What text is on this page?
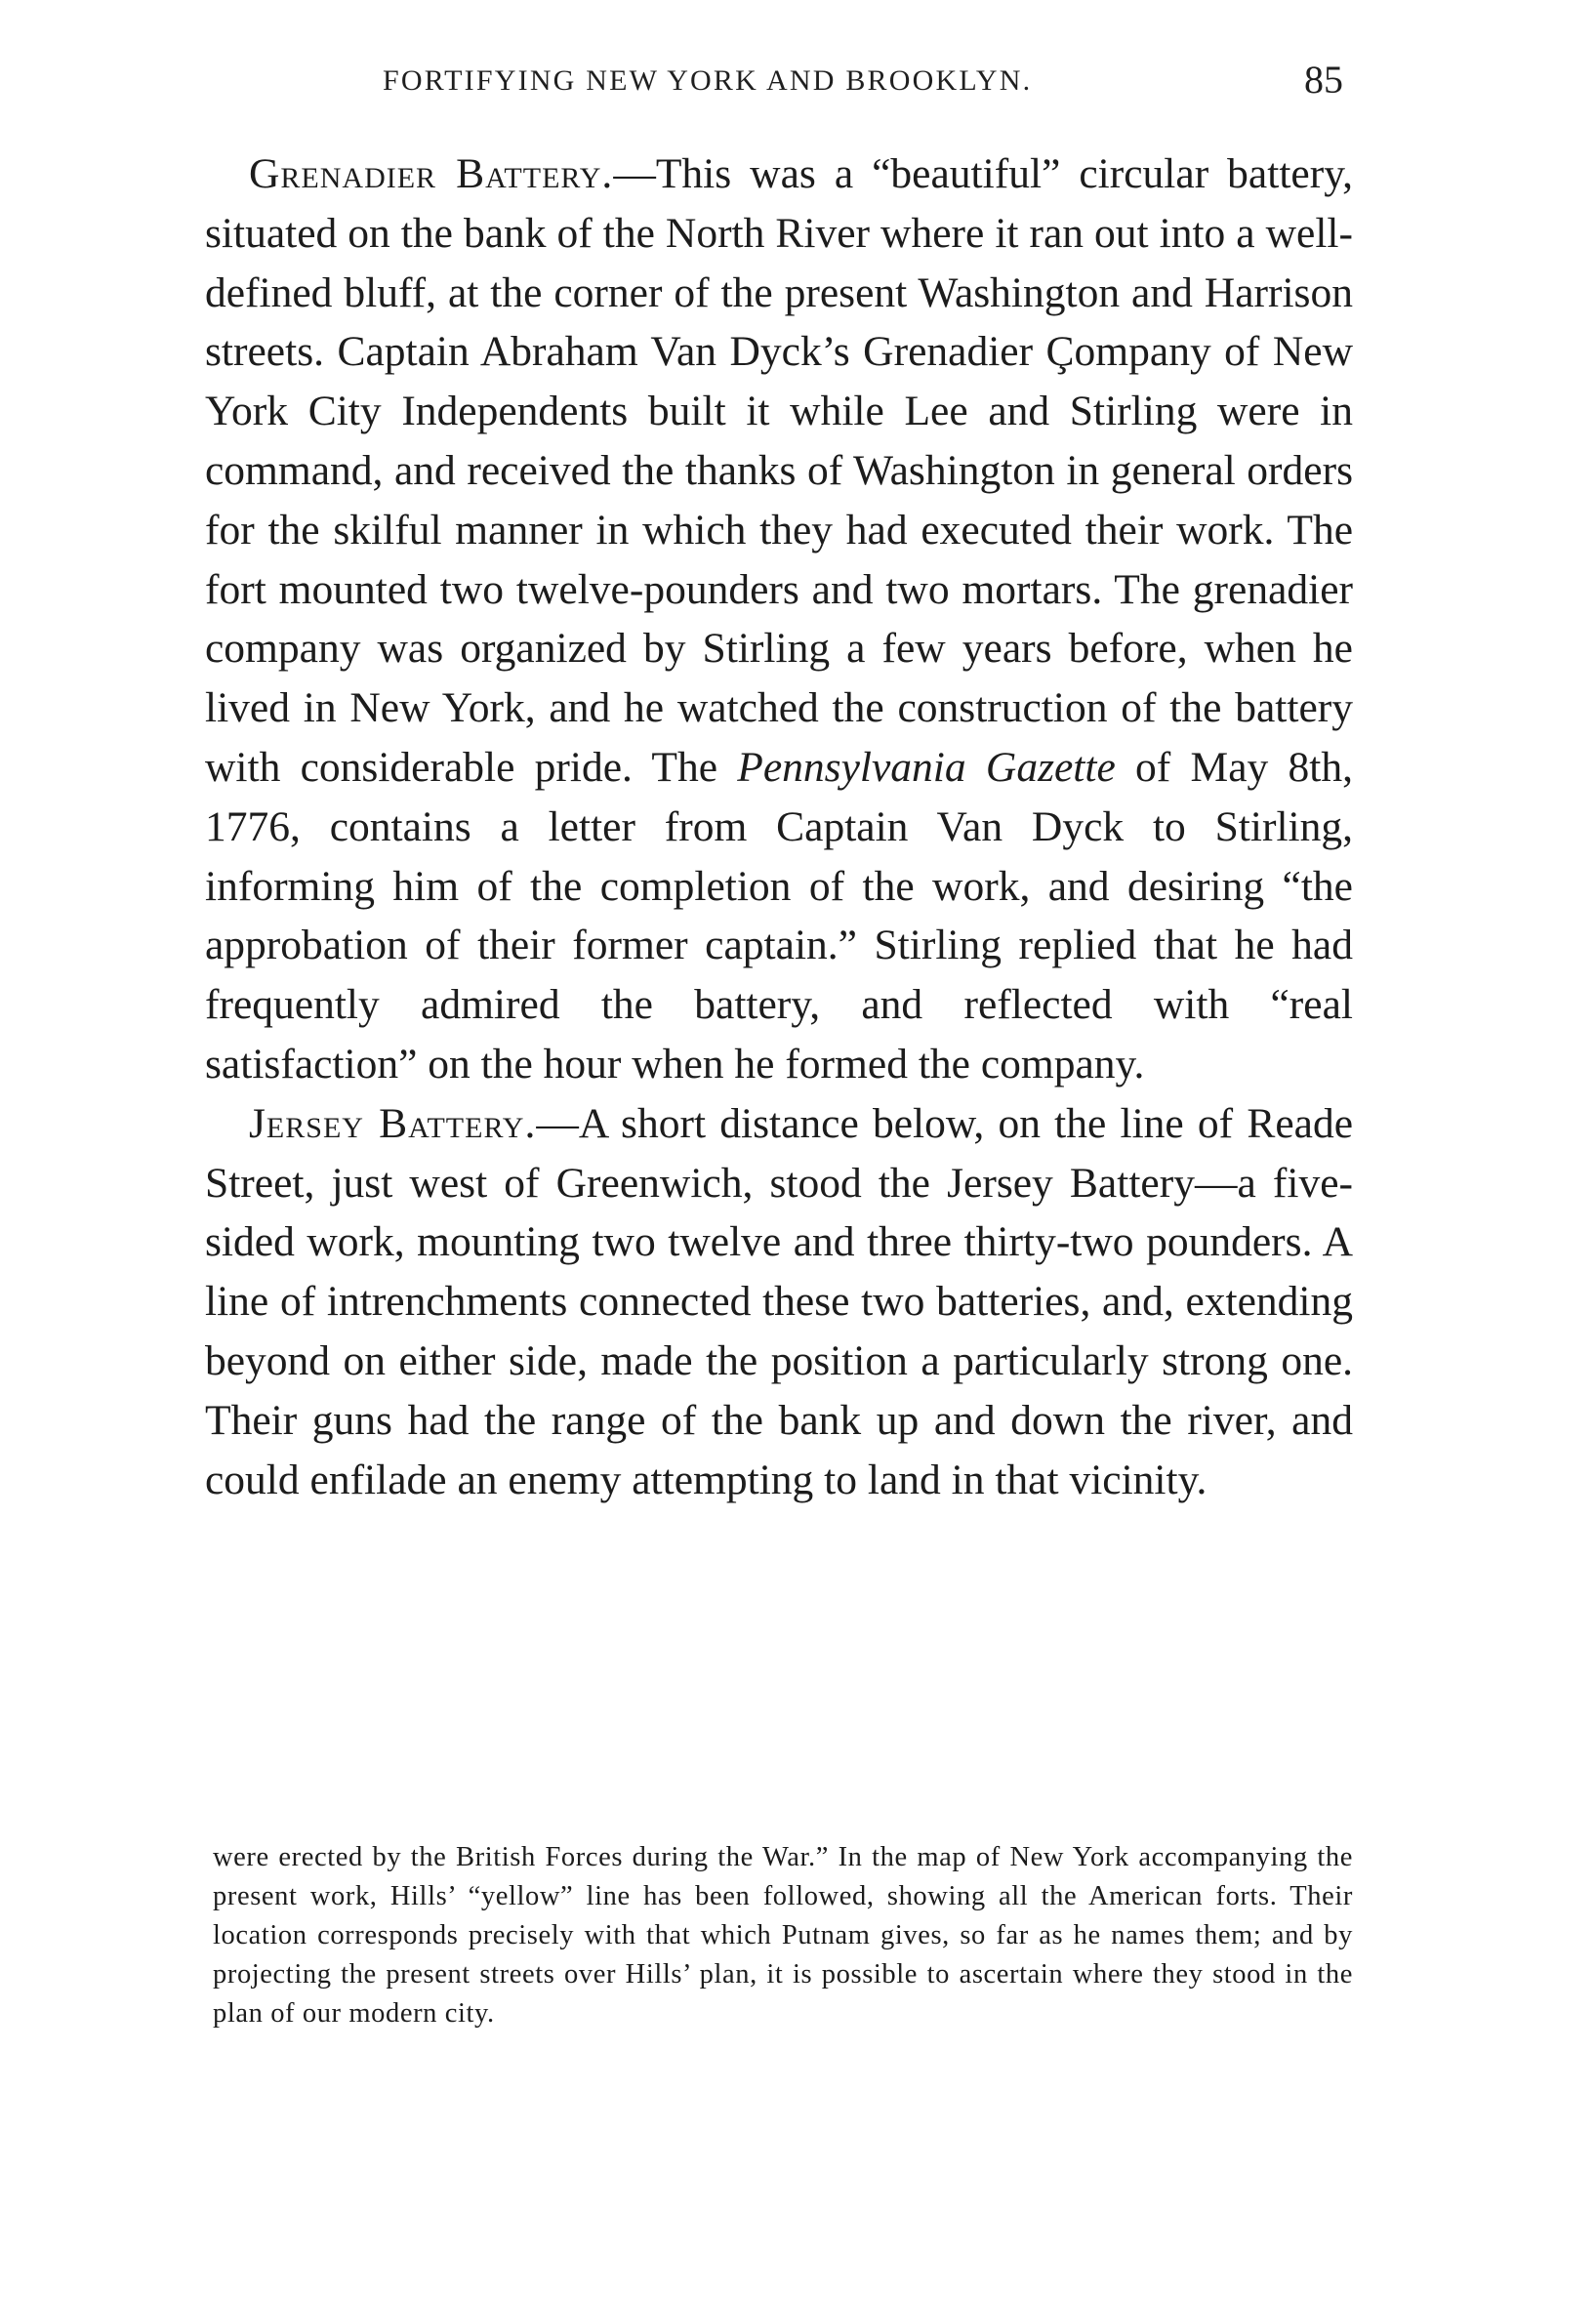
FORTIFYING NEW YORK AND BROOKLYN.	85

Grenadier Battery.—This was a “beautiful” circular battery, situated on the bank of the North River where it ran out into a well-defined bluff, at the corner of the present Washington and Harrison streets. Captain Abraham Van Dyck’s Grenadier Çompany of New York City Independents built it while Lee and Stirling were in command, and received the thanks of Washington in general orders for the skilful manner in which they had executed their work. The fort mounted two twelve-pounders and two mortars. The grenadier company was organized by Stirling a few years before, when he lived in New York, and he watched the construction of the battery with considerable pride. The Pennsylvania Gazette of May 8th, 1776, contains a letter from Captain Van Dyck to Stirling, informing him of the completion of the work, and desiring “the approbation of their former captain.” Stirling replied that he had frequently admired the battery, and reflected with “real satisfaction” on the hour when he formed the company.

Jersey Battery.—A short distance below, on the line of Reade Street, just west of Greenwich, stood the Jersey Battery—a five-sided work, mounting two twelve and three thirty-two pounders. A line of intrenchments connected these two batteries, and, extending beyond on either side, made the position a particularly strong one. Their guns had the range of the bank up and down the river, and could enfilade an enemy attempting to land in that vicinity.

were erected by the British Forces during the War.” In the map of New York accompanying the present work, Hills’ “yellow” line has been followed, showing all the American forts. Their location corresponds precisely with that which Putnam gives, so far as he names them; and by projecting the present streets over Hills’ plan, it is possible to ascertain where they stood in the plan of our modern city.
